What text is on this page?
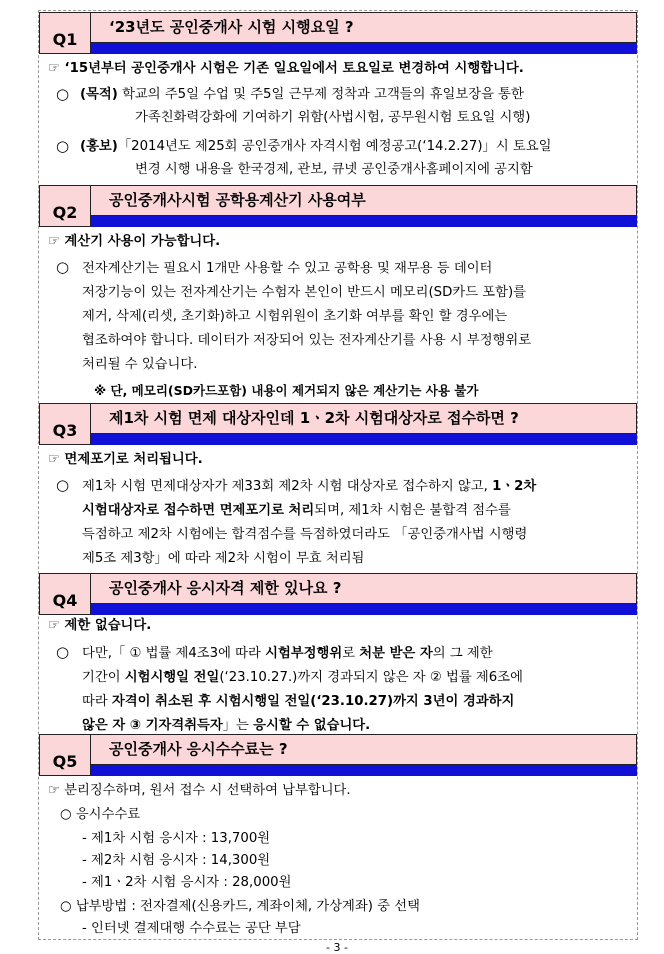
Q1
‘23년도 공인중개사 시험 시행요일 ?
☞ ‘15년부터 공인중개사 시험은 기존 일요일에서 토요일로 변경하여 시행합니다.
○ (목적) 학교의 주5일 수업 및 주5일 근무제 정착과 고객들의 휴일보장을 통한
가족친화력강화에 기여하기 위함(사법시험, 공무원시험 토요일 시행)
○ (홍보)「2014년도 제25회 공인중개사 자격시험 예정공고(‘14.2.27)」시 토요일
변경 시행 내용을 한국경제, 관보, 큐넷 공인중개사홈페이지에 공지함
Q2
공인중개사시험 공학용계산기 사용여부
☞ 계산기 사용이 가능합니다.
○ 전자계산기는 필요시 1개만 사용할 수 있고 공학용 및 재무용 등 데이터
저장기능이 있는 전자계산기는 수험자 본인이 반드시 메모리(SD카드 포함)를
제거, 삭제(리셋, 초기화)하고 시험위원이 초기화 여부를 확인 할 경우에는
협조하여야 합니다. 데이터가 저장되어 있는 전자계산기를 사용 시 부정행위로
처리될 수 있습니다.
※ 단, 메모리(SD카드포함) 내용이 제거되지 않은 계산기는 사용 불가
Q3
제1차 시험 면제 대상자인데 1ㆍ2차 시험대상자로 접수하면 ?
☞ 면제포기로 처리됩니다.
○ 제1차 시험 면제대상자가 제33회 제2차 시험 대상자로 접수하지 않고, 1ㆍ2차
시험대상자로 접수하면 면제포기로 처리되며, 제1차 시험은 불합격 점수를
득점하고 제2차 시험에는 합격점수를 득점하였더라도 「공인중개사법 시행령
제5조 제3항」에 따라 제2차 시험이 무효 처리됨
Q4
공인중개사 응시자격 제한 있나요 ?
☞ 제한 없습니다.
○ 다만,「 ① 법률 제4조3에 따라 시험부정행위로 처분 받은 자의 그 제한
기간이 시험시행일 전일(‘23.10.27.)까지 경과되지 않은 자 ② 법률 제6조에
따라 자격이 취소된 후 시험시행일 전일(‘23.10.27)까지 3년이 경과하지
않은 자 ③ 기자격취득자」는 응시할 수 없습니다.
Q5
공인중개사 응시수수료는 ?
☞ 분리징수하며, 원서 접수 시 선택하여 납부합니다.
○ 응시수수료
- 제1차 시험 응시자 : 13,700원
- 제2차 시험 응시자 : 14,300원
- 제1ㆍ2차 시험 응시자 : 28,000원
○ 납부방법 : 전자결제(신용카드, 계좌이체, 가상계좌) 중 선택
- 인터넷 결제대행 수수료는 공단 부담
- 3 -
